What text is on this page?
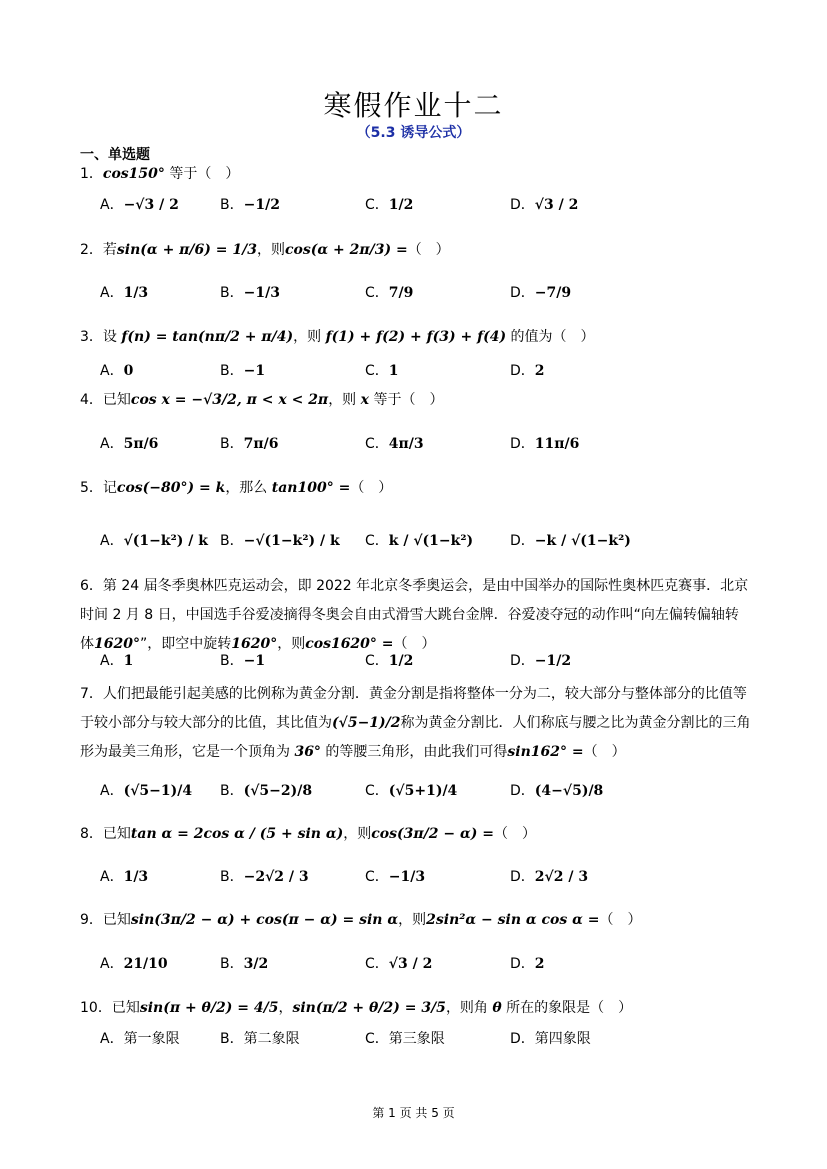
寒假作业十二
（5.3 诱导公式）
一、单选题
1．cos150° 等于（　）
A．−√3 / 2	B．−1/2	C．1/2	D．√3 / 2
2．若sin(α + π/6) = 1/3，则cos(α + 2π/3) =（　）
A．1/3	B．−1/3	C．7/9	D．−7/9
3．设 f(n) = tan(nπ/2 + π/4)，则 f(1) + f(2) + f(3) + f(4) 的值为（　）
A．0	B．−1	C．1	D．2
4．已知cos x = −√3/2, π < x < 2π，则 x 等于（　）
A．5π/6	B．7π/6	C．4π/3	D．11π/6
5．记cos(−80°) = k，那么 tan100° =（　）
A．√(1−k²) / k B．−√(1−k²) / k C．k / √(1−k²)	D．−k / √(1−k²)
6．第 24 届冬季奥林匹克运动会，即 2022 年北京冬季奥运会，是由中国举办的国际性奥林匹克赛事．北京时间 2 月 8 日，中国选手谷爱凌摘得冬奥会自由式滑雪大跳台金牌．谷爱凌夺冠的动作叫“向左偏转偏轴转体1620°”，即空中旋转1620°，则cos1620° =（　）
A．1	B．−1	C．1/2	D．−1/2
7．人们把最能引起美感的比例称为黄金分割．黄金分割是指将整体一分为二，较大部分与整体部分的比值等于较小部分与较大部分的比值，其比值为(√5−1)/2称为黄金分割比．人们称底与腰之比为黄金分割比的三角形为最美三角形，它是一个顶角为 36° 的等腰三角形，由此我们可得sin162° =（　）
A．(√5−1)/4 B．(√5−2)/8	C．(√5+1)/4	D．(4−√5)/8
8．已知tan α = 2cos α / (5 + sin α)，则cos(3π/2 − α) =（　）
A．1/3	B．−2√2 / 3	C．−1/3	D．2√2 / 3
9．已知sin(3π/2 − α) + cos(π − α) = sin α，则2sin²α − sin α cos α =（　）
A．21/10	B．3/2	C．√3 / 2	D．2
10．已知sin(π + θ/2) = 4/5，sin(π/2 + θ/2) = 3/5，则角 θ 所在的象限是（　）
A．第一象限	B．第二象限	C．第三象限	D．第四象限
第 1 页 共 5 页
